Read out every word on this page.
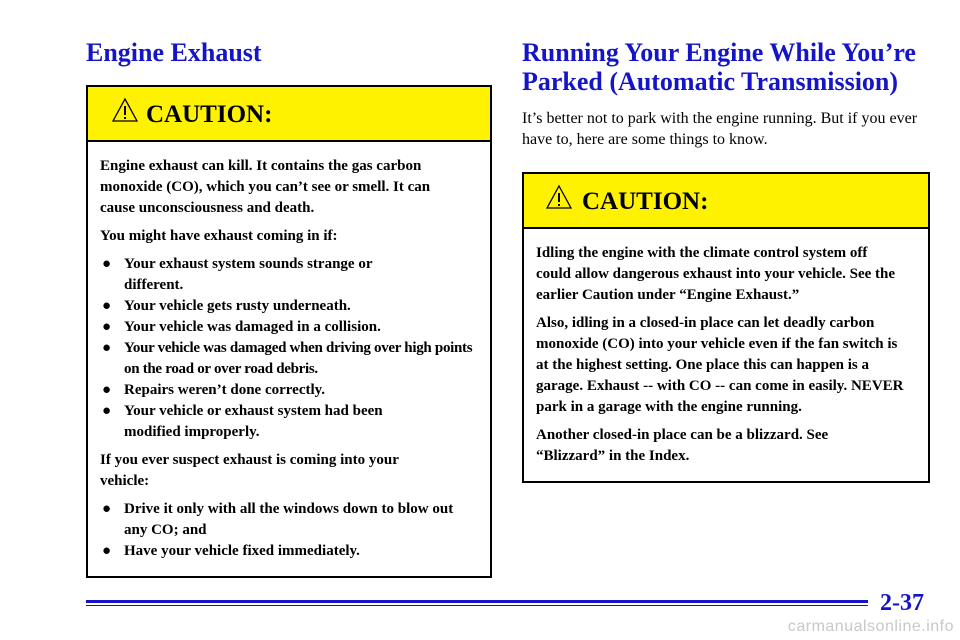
Engine Exhaust
CAUTION:

Engine exhaust can kill. It contains the gas carbon monoxide (CO), which you can’t see or smell. It can cause unconsciousness and death.

You might have exhaust coming in if:

● Your exhaust system sounds strange or different.
● Your vehicle gets rusty underneath.
● Your vehicle was damaged in a collision.
● Your vehicle was damaged when driving over high points on the road or over road debris.
● Repairs weren’t done correctly.
● Your vehicle or exhaust system had been modified improperly.

If you ever suspect exhaust is coming into your vehicle:

● Drive it only with all the windows down to blow out any CO; and
● Have your vehicle fixed immediately.
Running Your Engine While You’re Parked (Automatic Transmission)

It’s better not to park with the engine running. But if you ever have to, here are some things to know.

CAUTION:

Idling the engine with the climate control system off could allow dangerous exhaust into your vehicle. See the earlier Caution under “Engine Exhaust.”

Also, idling in a closed-in place can let deadly carbon monoxide (CO) into your vehicle even if the fan switch is at the highest setting. One place this can happen is a garage. Exhaust -- with CO -- can come in easily. NEVER park in a garage with the engine running.

Another closed-in place can be a blizzard. See “Blizzard” in the Index.

2-37
carmanualsonline.info
